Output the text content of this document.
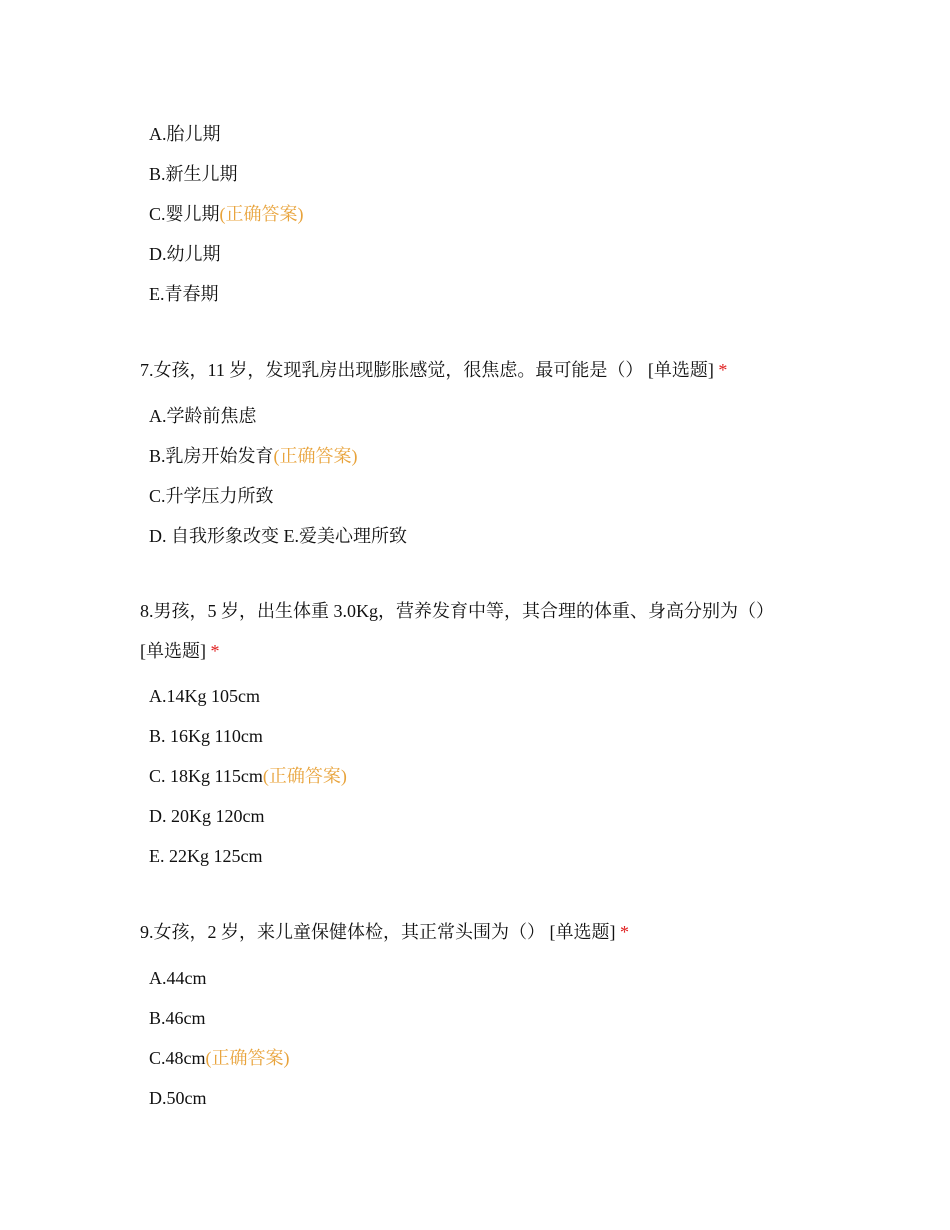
A.胎儿期
B.新生儿期
C.婴儿期(正确答案)
D.幼儿期
E.青春期
7.女孩，11 岁，发现乳房出现膨胀感觉，很焦虑。最可能是（） [单选题] *
A.学龄前焦虑
B.乳房开始发育(正确答案)
C.升学压力所致
D. 自我形象改变 E.爱美心理所致
8.男孩，5 岁，出生体重 3.0Kg，营养发育中等，其合理的体重、身高分别为（）
[单选题] *
A.14Kg 105cm
B. 16Kg 110cm
C. 18Kg 115cm(正确答案)
D. 20Kg 120cm
E. 22Kg 125cm
9.女孩，2 岁，来儿童保健体检，其正常头围为（） [单选题] *
A.44cm
B.46cm
C.48cm(正确答案)
D.50cm
